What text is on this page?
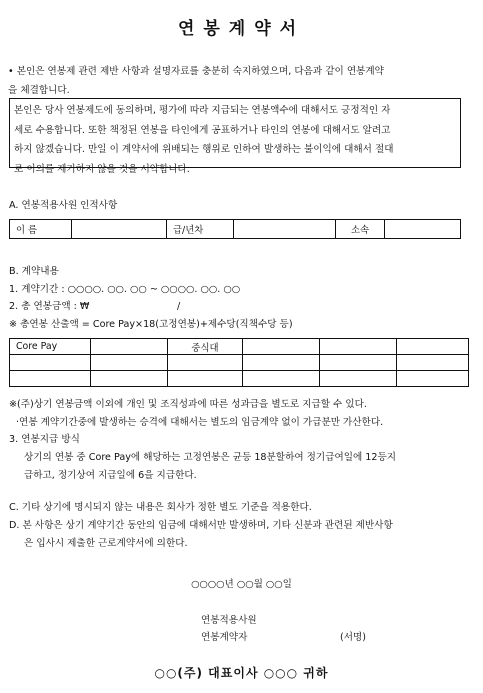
연봉계약서

• 본인은 연봉제 관련 제반 사항과 설명자료를 충분히 숙지하였으며, 다음과 같이 연봉계약

을 체결합니다.

본인은 당사 연봉제도에 동의하며, 평가에 따라 지급되는 연봉액수에 대해서도 긍정적인 자

세로 수용합니다. 또한 책정된 연봉을 타인에게 공표하거나 타인의 연봉에 대해서도 알려고

하지 않겠습니다. 만일 이 계약서에 위배되는 행위로 인하여 발생하는 불이익에 대해서 절대

로 이의를 제기하지 않을 것을 서약합니다.

A. 연봉적용사원 인적사항
이 름		급/년차		소속	
B. 계약내용
1. 계약기간 : ○○○○. ○○. ○○ ~ ○○○○. ○○. ○○
2. 총 연봉금액 : ₩	/
※ 총연봉 산출액 = Core Pay×18(고정연봉)+제수당(직책수당 등)
Core Pay		중식대			

※(주)상기 연봉금액 이외에 개인 및 조직성과에 따른 성과급을 별도로 지급할 수 있다.
·연봉 계약기간중에 발생하는 승격에 대해서는 별도의 임금계약 없이 가급분만 가산한다.
3. 연봉지급 방식
상기의 연봉 중 Core Pay에 해당하는 고정연봉은 균등 18분할하여 정기급여일에 12등지
급하고, 정기상여 지급일에 6을 지급한다.
C. 기타 상기에 명시되지 않는 내용은 회사가 정한 별도 기준을 적용한다.
D. 본 사항은 상기 계약기간 동안의 임금에 대해서만 발생하며, 기타 신분과 관련된 제반사항
은 입사시 제출한 근로계약서에 의한다.
○○○○년 ○○월 ○○일
연봉적용사원
연봉계약자	(서명)
○○(주) 대표이사 ○○○ 귀하
